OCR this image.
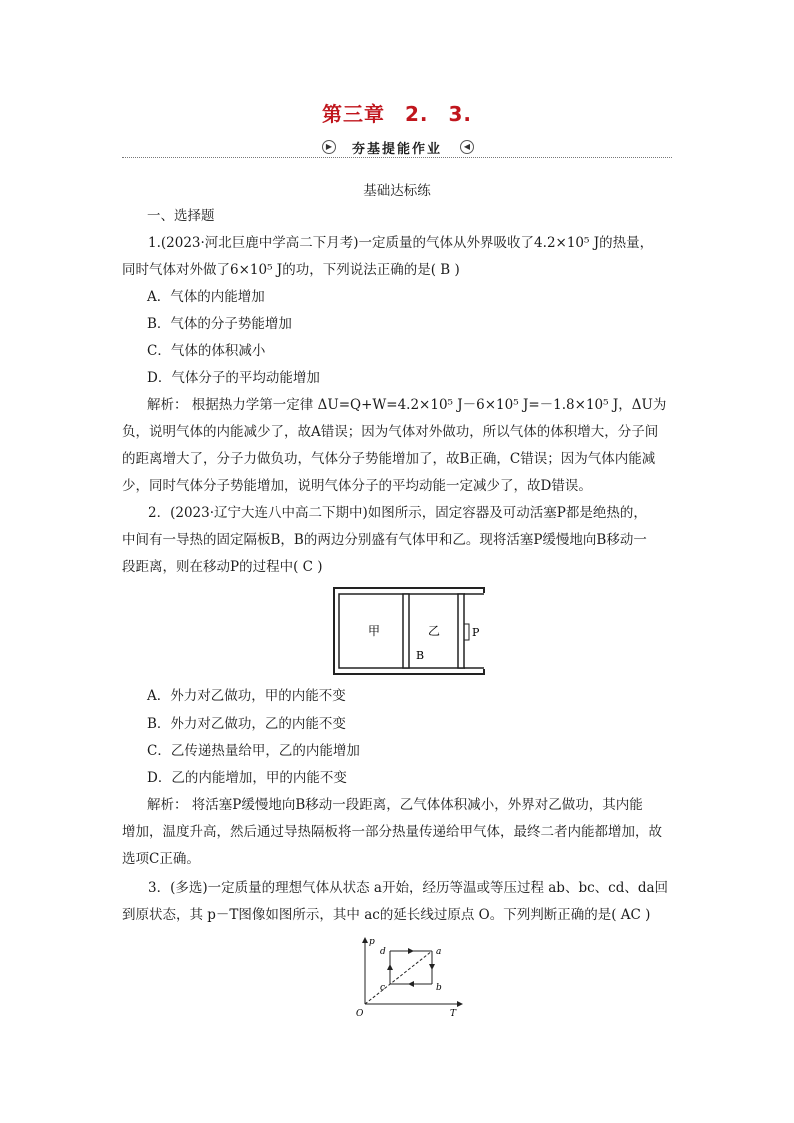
第三章 2. 3.
▶	夯基提能作业	◀
基础达标练
一、选择题
1.(2023·河北巨鹿中学高二下月考)一定质量的气体从外界吸收了4.2×10⁵ J的热量，
同时气体对外做了6×10⁵ J的功，下列说法正确的是( B )
A．气体的内能增加
B．气体的分子势能增加
C．气体的体积减小
D．气体分子的平均动能增加
解析： 根据热力学第一定律 ΔU=Q+W=4.2×10⁵ J－6×10⁵ J=－1.8×10⁵ J，ΔU为
负，说明气体的内能减少了，故A错误；因为气体对外做功，所以气体的体积增大，分子间
的距离增大了，分子力做负功，气体分子势能增加了，故B正确，C错误；因为气体内能减
少，同时气体分子势能增加，说明气体分子的平均动能一定减少了，故D错误。
2．(2023·辽宁大连八中高二下期中)如图所示，固定容器及可动活塞P都是绝热的，
中间有一导热的固定隔板B，B的两边分别盛有气体甲和乙。现将活塞P缓慢地向B移动一
段距离，则在移动P的过程中( C )
甲	乙
B
P
A．外力对乙做功，甲的内能不变
B．外力对乙做功，乙的内能不变
C．乙传递热量给甲，乙的内能增加
D．乙的内能增加，甲的内能不变
解析： 将活塞P缓慢地向B移动一段距离，乙气体体积减小，外界对乙做功，其内能
增加，温度升高，然后通过导热隔板将一部分热量传递给甲气体，最终二者内能都增加，故
选项C正确。
3．(多选)一定质量的理想气体从状态 a开始，经历等温或等压过程 ab、bc、cd、da回
到原状态，其 p－T图像如图所示，其中 ac的延长线过原点 O。下列判断正确的是( AC )
p
T
O
a
b
c
d
